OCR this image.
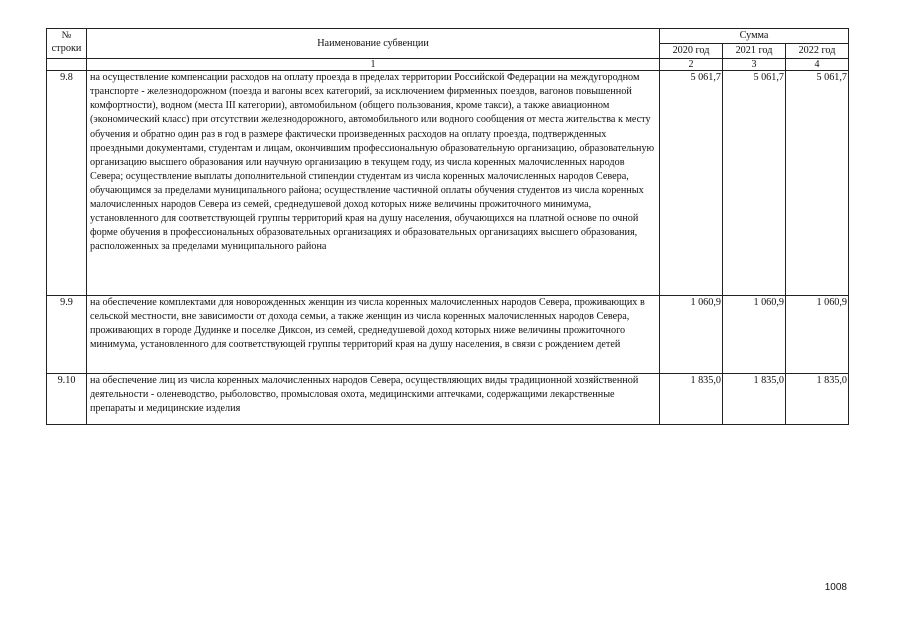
№
строки	Наименование субвенции	Сумма		
		2020 год	2021 год	2022 год
	1	2	3	4
9.8	на осуществление компенсации расходов на оплату проезда в пределах территории Российской Федерации на междугородном транспорте - железнодорожном (поезда и вагоны всех категорий, за исключением фирменных поездов, вагонов повышенной комфортности), водном (места III категории), автомобильном (общего пользования, кроме такси), а также авиационном (экономический класс) при отсутствии железнодорожного, автомобильного или водного сообщения от места жительства к месту обучения и обратно один раз в год в размере фактически произведенных расходов на оплату проезда, подтвержденных проездными документами, студентам и лицам, окончившим профессиональную образовательную организацию, образовательную организацию высшего образования или научную организацию в текущем году, из числа коренных малочисленных народов Севера; осуществление выплаты дополнительной стипендии студентам из числа коренных малочисленных народов Севера, обучающимся за пределами муниципального района; осуществление частичной оплаты обучения студентов из числа коренных малочисленных народов Севера из семей, среднедушевой доход которых ниже величины прожиточного минимума, установленного для соответствующей группы территорий края на душу населения, обучающихся на платной основе по очной форме обучения в профессиональных образовательных организациях и образовательных организациях высшего образования, расположенных за пределами муниципального района	5 061,7	5 061,7	5 061,7
9.9	на обеспечение комплектами для новорожденных женщин из числа коренных малочисленных народов Севера, проживающих в сельской местности, вне зависимости от дохода семьи, а также женщин из числа коренных малочисленных народов Севера, проживающих в городе Дудинке и поселке Диксон, из семей, среднедушевой доход которых ниже величины прожиточного минимума, установленного для соответствующей группы территорий края на душу населения, в связи с рождением детей	1 060,9	1 060,9	1 060,9
9.10	на обеспечение лиц из числа коренных малочисленных народов Севера, осуществляющих виды традиционной хозяйственной деятельности - оленеводство, рыболовство, промысловая охота, медицинскими аптечками, содержащими лекарственные препараты и медицинские изделия	1 835,0	1 835,0	1 835,0
1008
